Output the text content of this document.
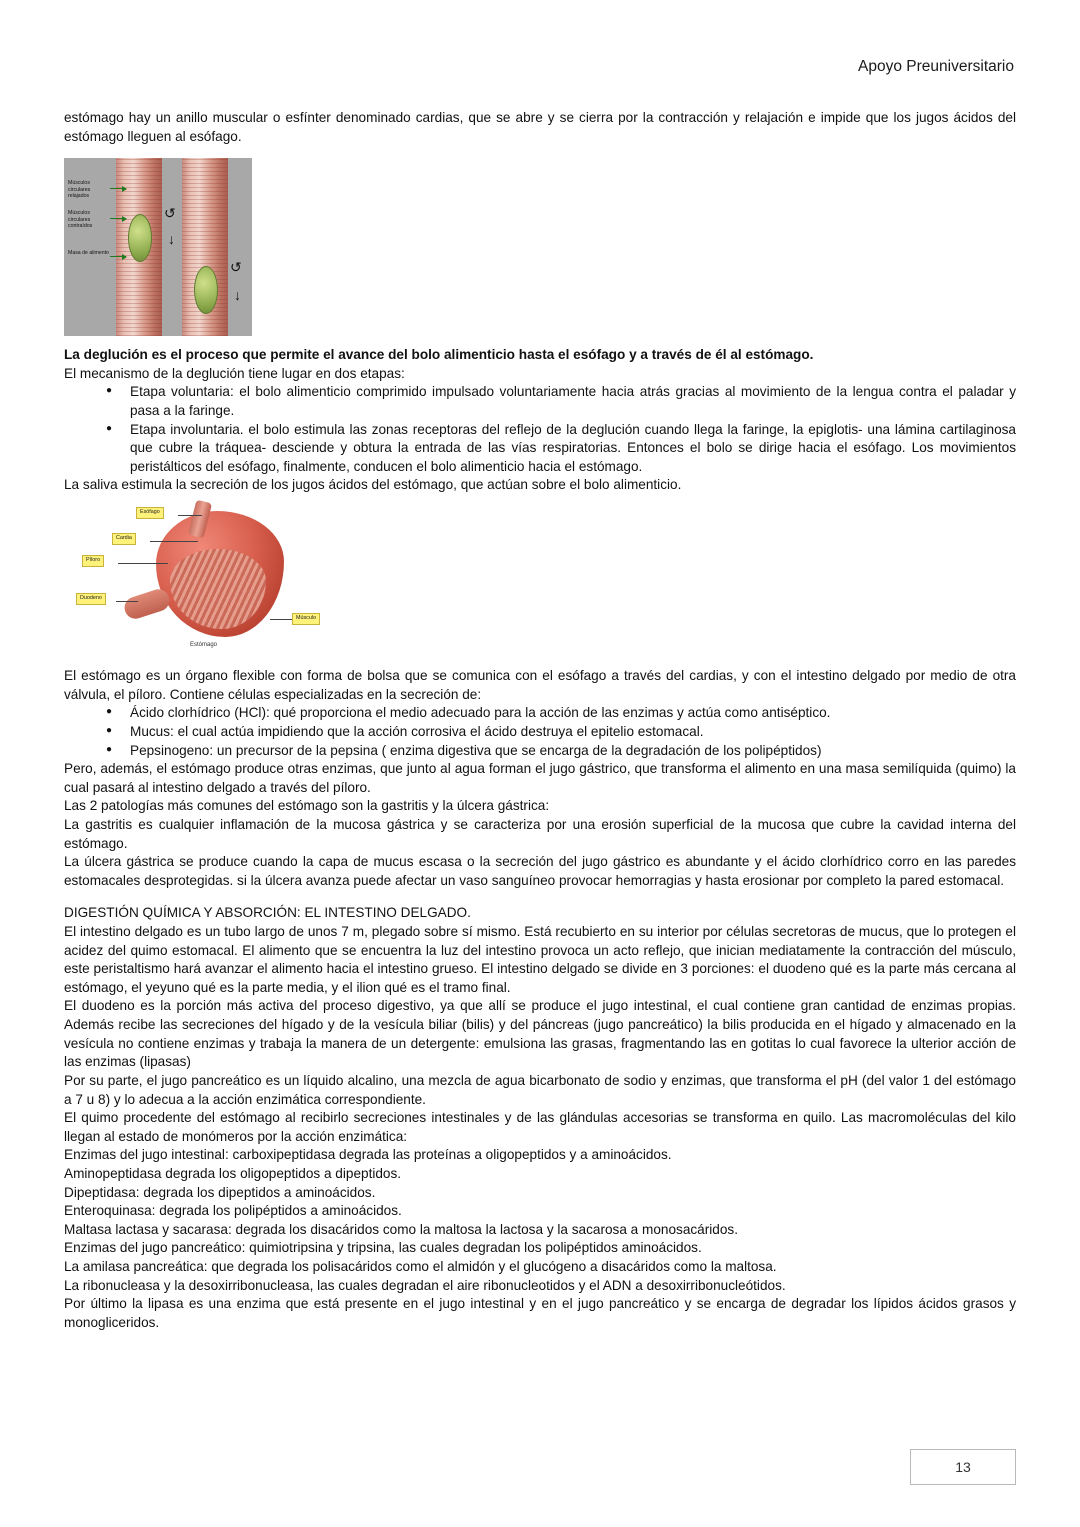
Apoyo Preuniversitario

estómago hay un anillo muscular o esfínter denominado cardias, que se abre y se cierra por la contracción y relajación e impide que los jugos ácidos del estómago lleguen al esófago.

Músculos circulares relajados
Músculos circulares contraídos
Masa de alimento
↺
↺
↓
↓

La deglución es el proceso que permite el avance del bolo alimenticio hasta el esófago y a través de él al estómago.

El mecanismo de la deglución tiene lugar en dos etapas:

● Etapa voluntaria: el bolo alimenticio comprimido impulsado voluntariamente hacia atrás gracias al movimiento de la lengua contra el paladar y pasa a la faringe.
● Etapa involuntaria. el bolo estimula las zonas receptoras del reflejo de la deglución cuando llega la faringe, la epiglotis- una lámina cartilaginosa que cubre la tráquea- desciende y obtura la entrada de las vías respiratorias. Entonces el bolo se dirige hacia el esófago. Los movimientos peristálticos del esófago, finalmente, conducen el bolo alimenticio hacia el estómago.

La saliva estimula la secreción de los jugos ácidos del estómago, que actúan sobre el bolo alimenticio.

Esófago
Cardia
Píloro
Duodeno
Músculo
Estómago

El estómago es un órgano flexible con forma de bolsa que se comunica con el esófago a través del cardias, y con el intestino delgado por medio de otra válvula, el píloro. Contiene células especializadas en la secreción de:

● Ácido clorhídrico (HCl): qué proporciona el medio adecuado para la acción de las enzimas y actúa como antiséptico.
● Mucus: el cual actúa impidiendo que la acción corrosiva el ácido destruya el epitelio estomacal.
● Pepsinogeno: un precursor de la pepsina ( enzima digestiva que se encarga de la degradación de los polipéptidos)

Pero, además, el estómago produce otras enzimas, que junto al agua forman el jugo gástrico, que transforma el alimento en una masa semilíquida (quimo) la cual pasará al intestino delgado a través del píloro.

Las 2 patologías más comunes del estómago son la gastritis y la úlcera gástrica:

La gastritis es cualquier inflamación de la mucosa gástrica y se caracteriza por una erosión superficial de la mucosa que cubre la cavidad interna del estómago.

La úlcera gástrica se produce cuando la capa de mucus escasa o la secreción del jugo gástrico es abundante y el ácido clorhídrico corro en las paredes estomacales desprotegidas. si la úlcera avanza puede afectar un vaso sanguíneo provocar hemorragias y hasta erosionar por completo la pared estomacal.

DIGESTIÓN QUÍMICA Y ABSORCIÓN: EL INTESTINO DELGADO.

El intestino delgado es un tubo largo de unos 7 m, plegado sobre sí mismo. Está recubierto en su interior por células secretoras de mucus, que lo protegen el acidez del quimo estomacal. El alimento que se encuentra la luz del intestino provoca un acto reflejo, que inician mediatamente la contracción del músculo, este peristaltismo hará avanzar el alimento hacia el intestino grueso. El intestino delgado se divide en 3 porciones: el duodeno qué es la parte más cercana al estómago, el yeyuno qué es la parte media, y el ilion qué es el tramo final.

El duodeno es la porción más activa del proceso digestivo, ya que allí se produce el jugo intestinal, el cual contiene gran cantidad de enzimas propias. Además recibe las secreciones del hígado y de la vesícula biliar (bilis) y del páncreas (jugo pancreático) la bilis producida en el hígado y almacenado en la vesícula no contiene enzimas y trabaja la manera de un detergente: emulsiona las grasas, fragmentando las en gotitas lo cual favorece la ulterior acción de las enzimas (lipasas)

Por su parte, el jugo pancreático es un líquido alcalino, una mezcla de agua bicarbonato de sodio y enzimas, que transforma el pH (del valor 1 del estómago a 7 u 8) y lo adecua a la acción enzimática correspondiente.

El quimo procedente del estómago al recibirlo secreciones intestinales y de las glándulas accesorias se transforma en quilo. Las macromoléculas del kilo llegan al estado de monómeros por la acción enzimática:

Enzimas del jugo intestinal: carboxipeptidasa degrada las proteínas a oligopeptidos y a aminoácidos.

Aminopeptidasa degrada los oligopeptidos a dipeptidos.

Dipeptidasa: degrada los dipeptidos a aminoácidos.

Enteroquinasa: degrada los polipéptidos a aminoácidos.

Maltasa lactasa y sacarasa: degrada los disacáridos como la maltosa la lactosa y la sacarosa a monosacáridos.

Enzimas del jugo pancreático: quimiotripsina y tripsina, las cuales degradan los polipéptidos aminoácidos.

La amilasa pancreática: que degrada los polisacáridos como el almidón y el glucógeno a disacáridos como la maltosa.

La ribonucleasa y la desoxirribonucleasa, las cuales degradan el aire ribonucleotidos y el ADN a desoxirribonucleótidos.

Por último la lipasa es una enzima que está presente en el jugo intestinal y en el jugo pancreático y se encarga de degradar los lípidos ácidos grasos y monogliceridos.

13
